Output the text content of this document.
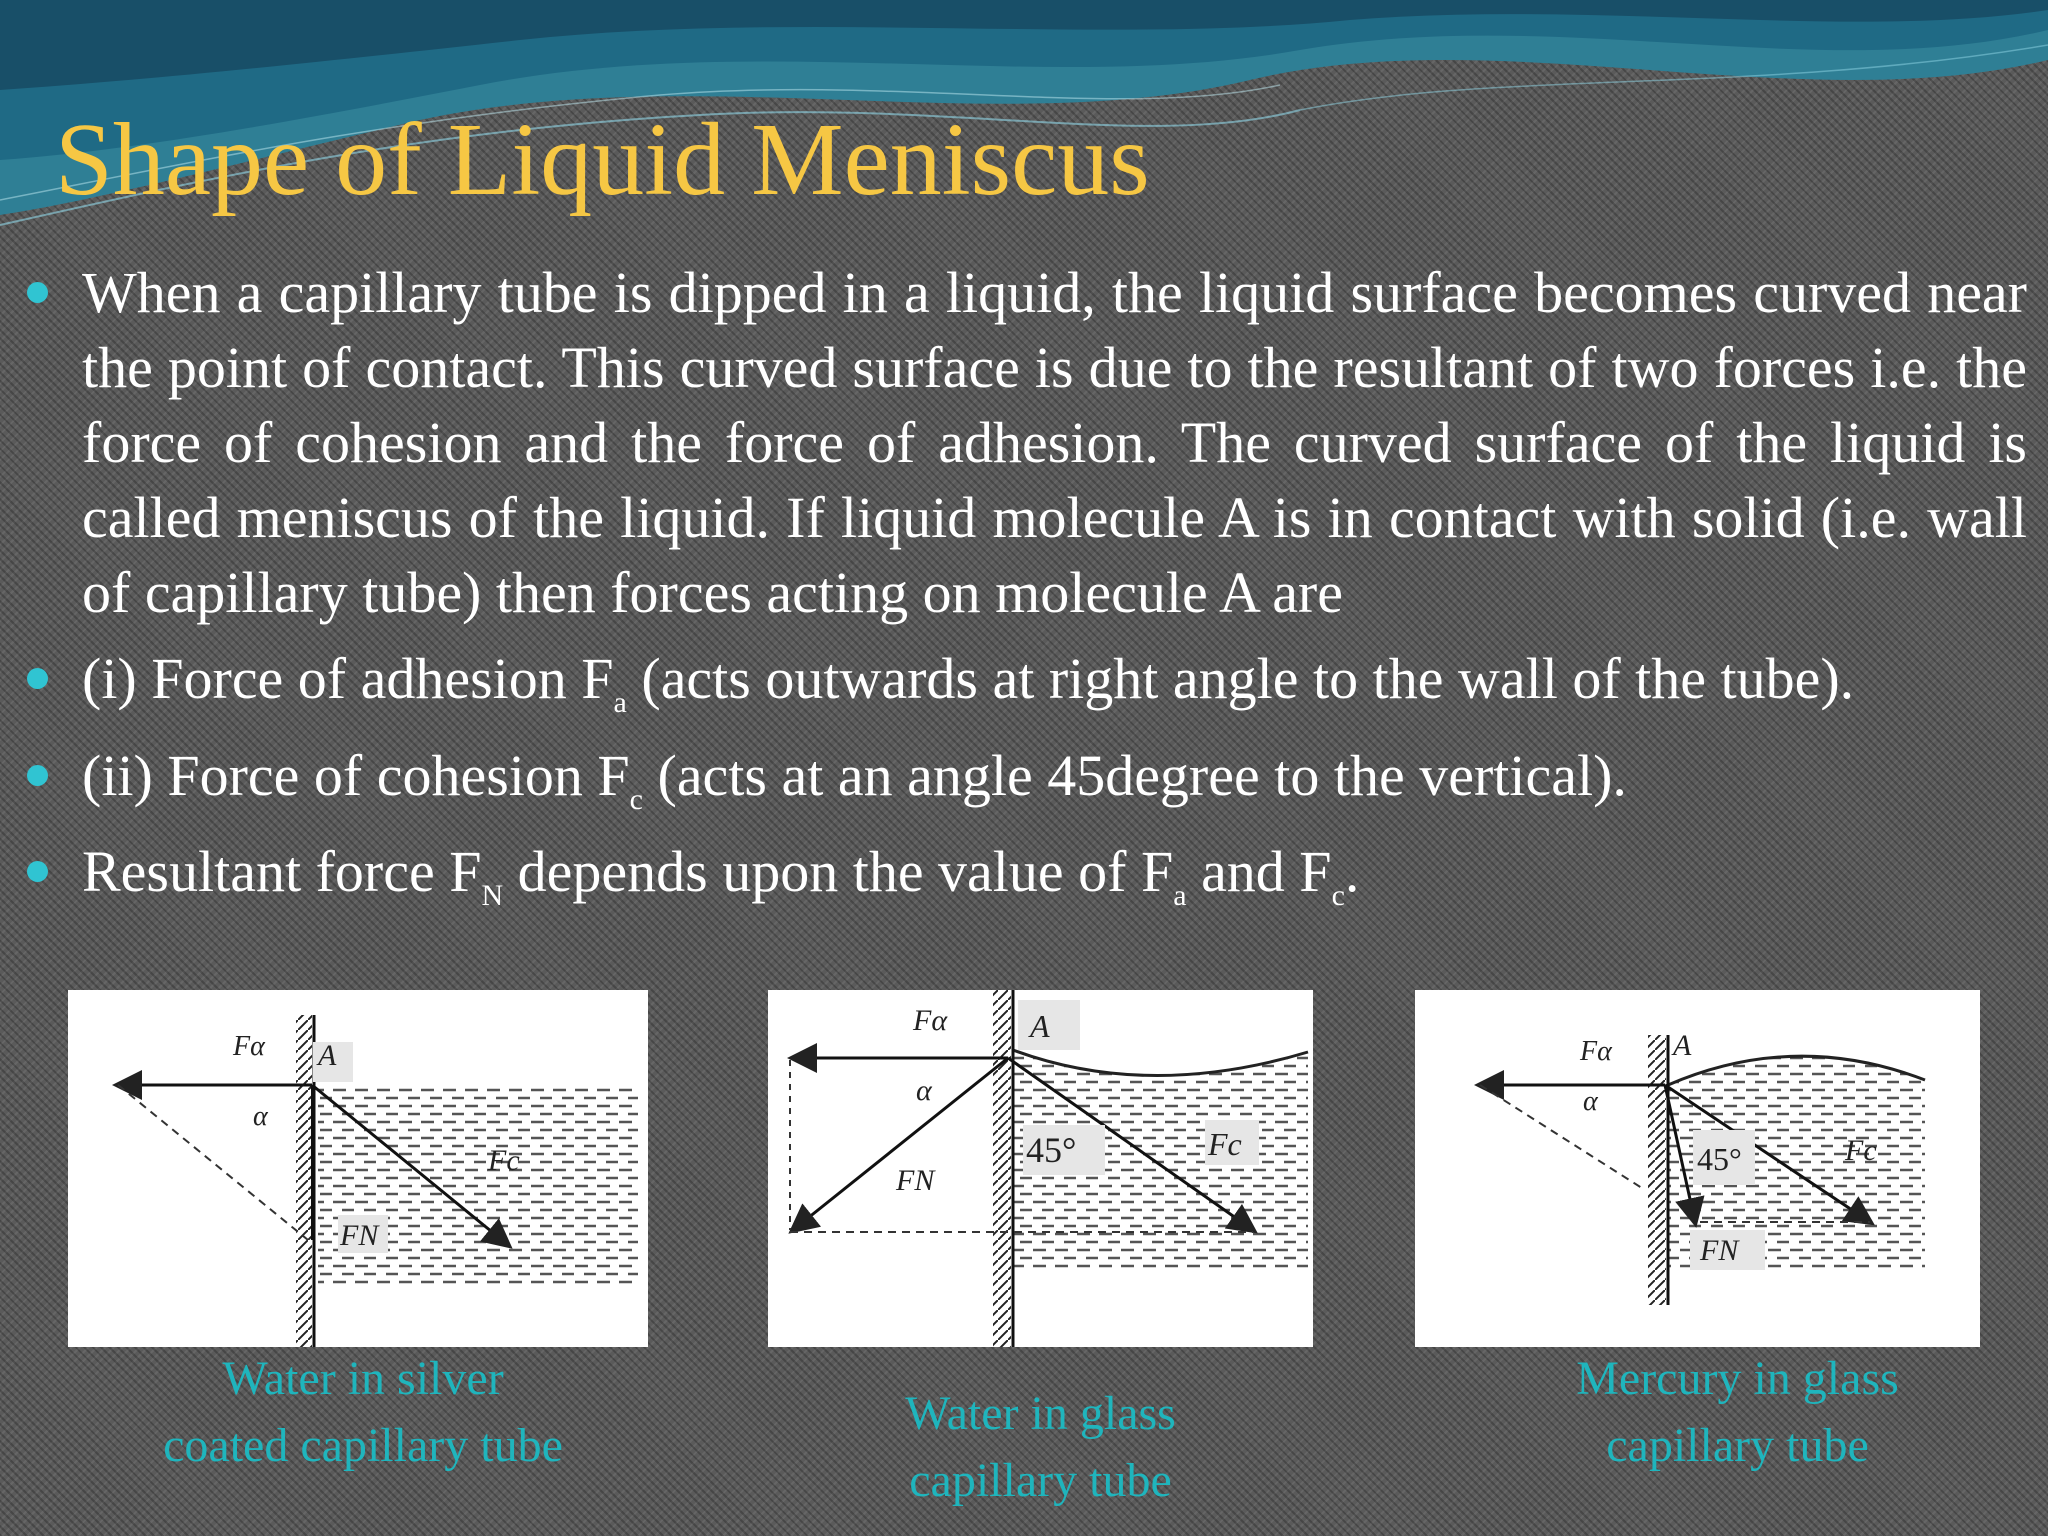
Shape of Liquid Meniscus

When a capillary tube is dipped in a liquid, the liquid surface becomes curved near the point of contact. This curved surface is due to the resultant of two forces i.e. the force of cohesion and the force of adhesion. The curved surface of the liquid is called meniscus of the liquid. If liquid molecule A is in contact with solid (i.e. wall of capillary tube) then forces acting on molecule A are

(i) Force of adhesion $F_a$ (acts outwards at right angle to the wall of the tube).

(ii) Force of cohesion $F_c$ (acts at an angle 45degree to the vertical).

Resultant force $F_N$ depends upon the value of $F_a$ and $F_c$.

Fα A
α
Fc
FN
Fα	A
α
FN
45°	Fc
Fα A
α
45°	Fc
FN
Water in silver
coated capillary tube
Water in glass
capillary tube
Mercury in glass
capillary tube
